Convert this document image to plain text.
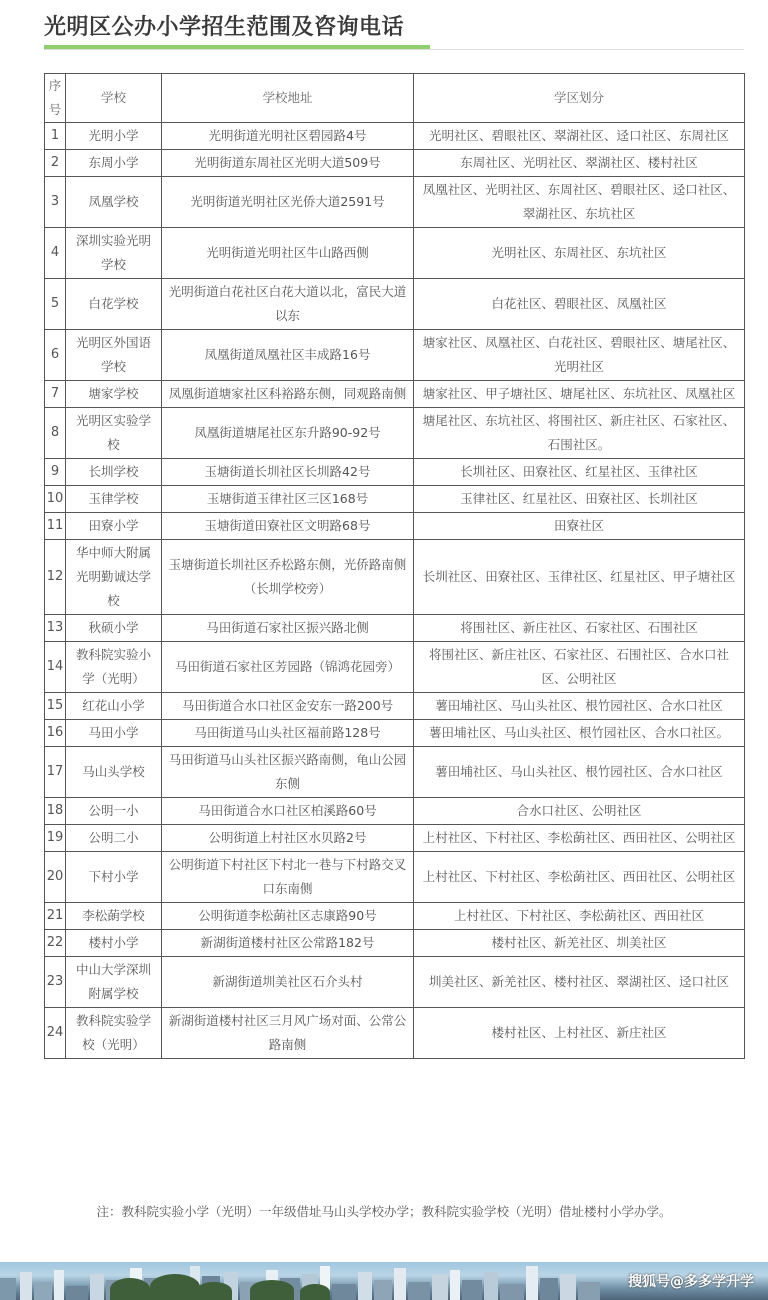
光明区公办小学招生范围及咨询电话
序号	学校	学校地址	学区划分
1	光明小学	光明街道光明社区碧园路4号	光明社区、碧眼社区、翠湖社区、迳口社区、东周社区
2	东周小学	光明街道东周社区光明大道509号	东周社区、光明社区、翠湖社区、楼村社区
3	凤凰学校	光明街道光明社区光侨大道2591号	凤凰社区、光明社区、东周社区、碧眼社区、迳口社区、翠湖社区、东坑社区
4	深圳实验光明学校	光明街道光明社区牛山路西侧	光明社区、东周社区、东坑社区
5	白花学校	光明街道白花社区白花大道以北，富民大道以东	白花社区、碧眼社区、凤凰社区
6	光明区外国语学校	凤凰街道凤凰社区丰成路16号	塘家社区、凤凰社区、白花社区、碧眼社区、塘尾社区、光明社区
7	塘家学校	凤凰街道塘家社区科裕路东侧，同观路南侧	塘家社区、甲子塘社区、塘尾社区、东坑社区、凤凰社区
8	光明区实验学校	凤凰街道塘尾社区东升路90-92号	塘尾社区、东坑社区、将围社区、新庄社区、石家社区、石围社区。
9	长圳学校	玉塘街道长圳社区长圳路42号	长圳社区、田寮社区、红星社区、玉律社区
10	玉律学校	玉塘街道玉律社区三区168号	玉律社区、红星社区、田寮社区、长圳社区
11	田寮小学	玉塘街道田寮社区文明路68号	田寮社区
12	华中师大附属光明勤诚达学校	玉塘街道长圳社区乔松路东侧，光侨路南侧（长圳学校旁）	长圳社区、田寮社区、玉律社区、红星社区、甲子塘社区
13	秋硕小学	马田街道石家社区振兴路北侧	将围社区、新庄社区、石家社区、石围社区
14	教科院实验小学（光明）	马田街道石家社区芳园路（锦鸿花园旁）	将围社区、新庄社区、石家社区、石围社区、合水口社区、公明社区
15	红花山小学	马田街道合水口社区金安东一路200号	薯田埔社区、马山头社区、根竹园社区、合水口社区
16	马田小学	马田街道马山头社区福前路128号	薯田埔社区、马山头社区、根竹园社区、合水口社区。
17	马山头学校	马田街道马山头社区振兴路南侧，龟山公园东侧	薯田埔社区、马山头社区、根竹园社区、合水口社区
18	公明一小	马田街道合水口社区柏溪路60号	合水口社区、公明社区
19	公明二小	公明街道上村社区水贝路2号	上村社区、下村社区、李松蓢社区、西田社区、公明社区
20	下村小学	公明街道下村社区下村北一巷与下村路交叉口东南侧	上村社区、下村社区、李松蓢社区、西田社区、公明社区
21	李松蓢学校	公明街道李松蓢社区志康路90号	上村社区、下村社区、李松蓢社区、西田社区
22	楼村小学	新湖街道楼村社区公常路182号	楼村社区、新羌社区、圳美社区
23	中山大学深圳附属学校	新湖街道圳美社区石介头村	圳美社区、新羌社区、楼村社区、翠湖社区、迳口社区
24	教科院实验学校（光明）	新湖街道楼村社区三月风广场对面、公常公路南侧	楼村社区、上村社区、新庄社区
注：教科院实验小学（光明）一年级借址马山头学校办学；教科院实验学校（光明）借址楼村小学办学。
搜狐号@多多学升学
